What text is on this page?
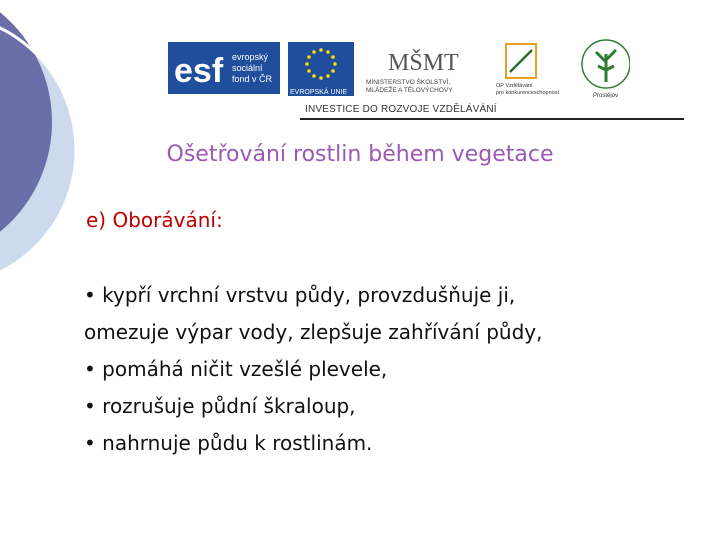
esf evropský
sociální
fond v ČR
EVROPSKÁ UNIE
MŠMT
MINISTERSTVO ŠKOLSTVÍ,
MLÁDEŽE A TĚLOVÝCHOVY
OP Vzdělávání
pro konkurenceschopnost	Prostějov
INVESTICE DO ROZVOJE VZDĚLÁVÁNÍ
Ošetřování rostlin během vegetace
e) Oborávání:
• kypří vrchní vrstvu půdy, provzdušňuje ji,
omezuje výpar vody, zlepšuje zahřívání půdy,
• pomáhá ničit vzešlé plevele,
• rozrušuje půdní škraloup,
• nahrnuje půdu k rostlinám.
